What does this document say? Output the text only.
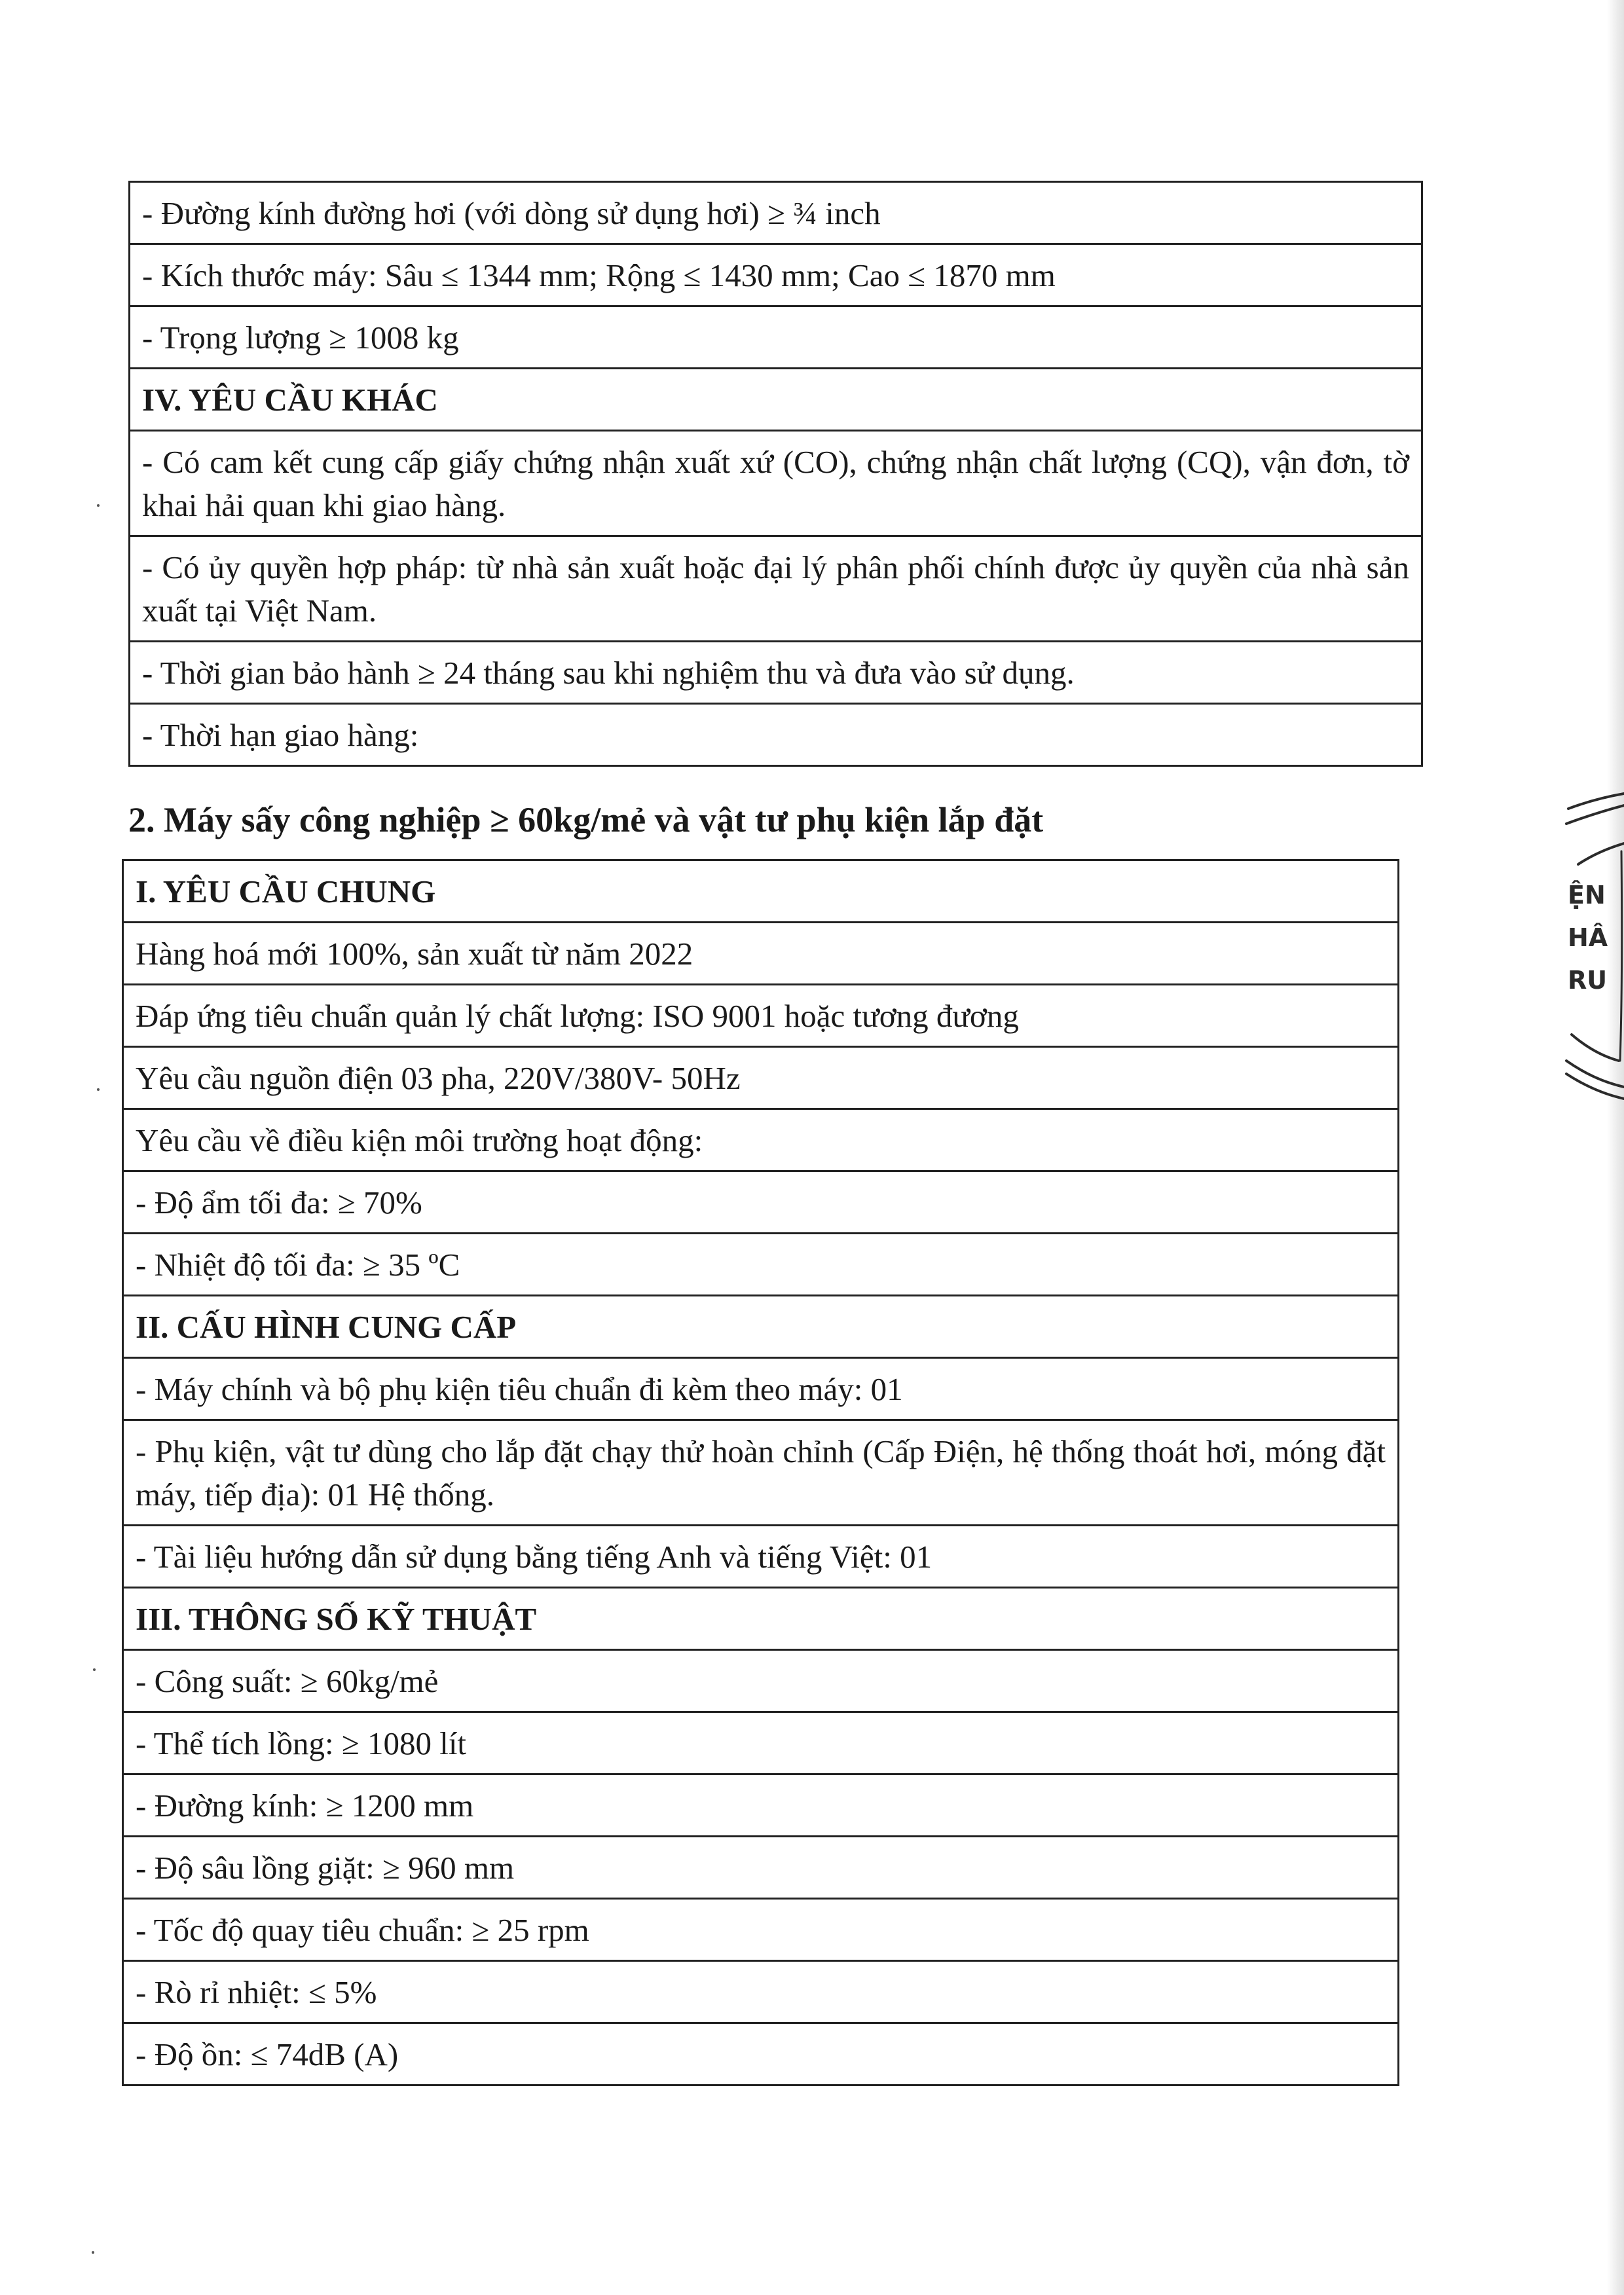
- Đường kính đường hơi (với dòng sử dụng hơi) ≥ ¾ inch
- Kích thước máy: Sâu ≤ 1344 mm; Rộng ≤ 1430 mm; Cao ≤ 1870 mm
- Trọng lượng ≥ 1008 kg
IV. YÊU CẦU KHÁC
- Có cam kết cung cấp giấy chứng nhận xuất xứ (CO), chứng nhận chất lượng (CQ), vận đơn, tờ khai hải quan khi giao hàng.
- Có ủy quyền hợp pháp: từ nhà sản xuất hoặc đại lý phân phối chính được ủy quyền của nhà sản xuất tại Việt Nam.
- Thời gian bảo hành ≥ 24 tháng sau khi nghiệm thu và đưa vào sử dụng.
- Thời hạn giao hàng:
2. Máy sấy công nghiệp ≥ 60kg/mẻ và vật tư phụ kiện lắp đặt
I. YÊU CẦU CHUNG
Hàng hoá mới 100%, sản xuất từ năm 2022
Đáp ứng tiêu chuẩn quản lý chất lượng: ISO 9001 hoặc tương đương
Yêu cầu nguồn điện 03 pha, 220V/380V- 50Hz
Yêu cầu về điều kiện môi trường hoạt động:
- Độ ẩm tối đa: ≥ 70%
- Nhiệt độ tối đa: ≥ 35 ºC
II. CẤU HÌNH CUNG CẤP
- Máy chính và bộ phụ kiện tiêu chuẩn đi kèm theo máy: 01
- Phụ kiện, vật tư dùng cho lắp đặt chạy thử hoàn chỉnh (Cấp Điện, hệ thống thoát hơi, móng đặt máy, tiếp địa): 01 Hệ thống.
- Tài liệu hướng dẫn sử dụng bằng tiếng Anh và tiếng Việt: 01
III. THÔNG SỐ KỸ THUẬT
- Công suất: ≥ 60kg/mẻ
- Thể tích lồng: ≥ 1080 lít
- Đường kính: ≥ 1200 mm
- Độ sâu lồng giặt: ≥ 960 mm
- Tốc độ quay tiêu chuẩn: ≥ 25 rpm
- Rò rỉ nhiệt: ≤ 5%
- Độ ồn: ≤ 74dB (A)
ỆN
HÂ
RU
